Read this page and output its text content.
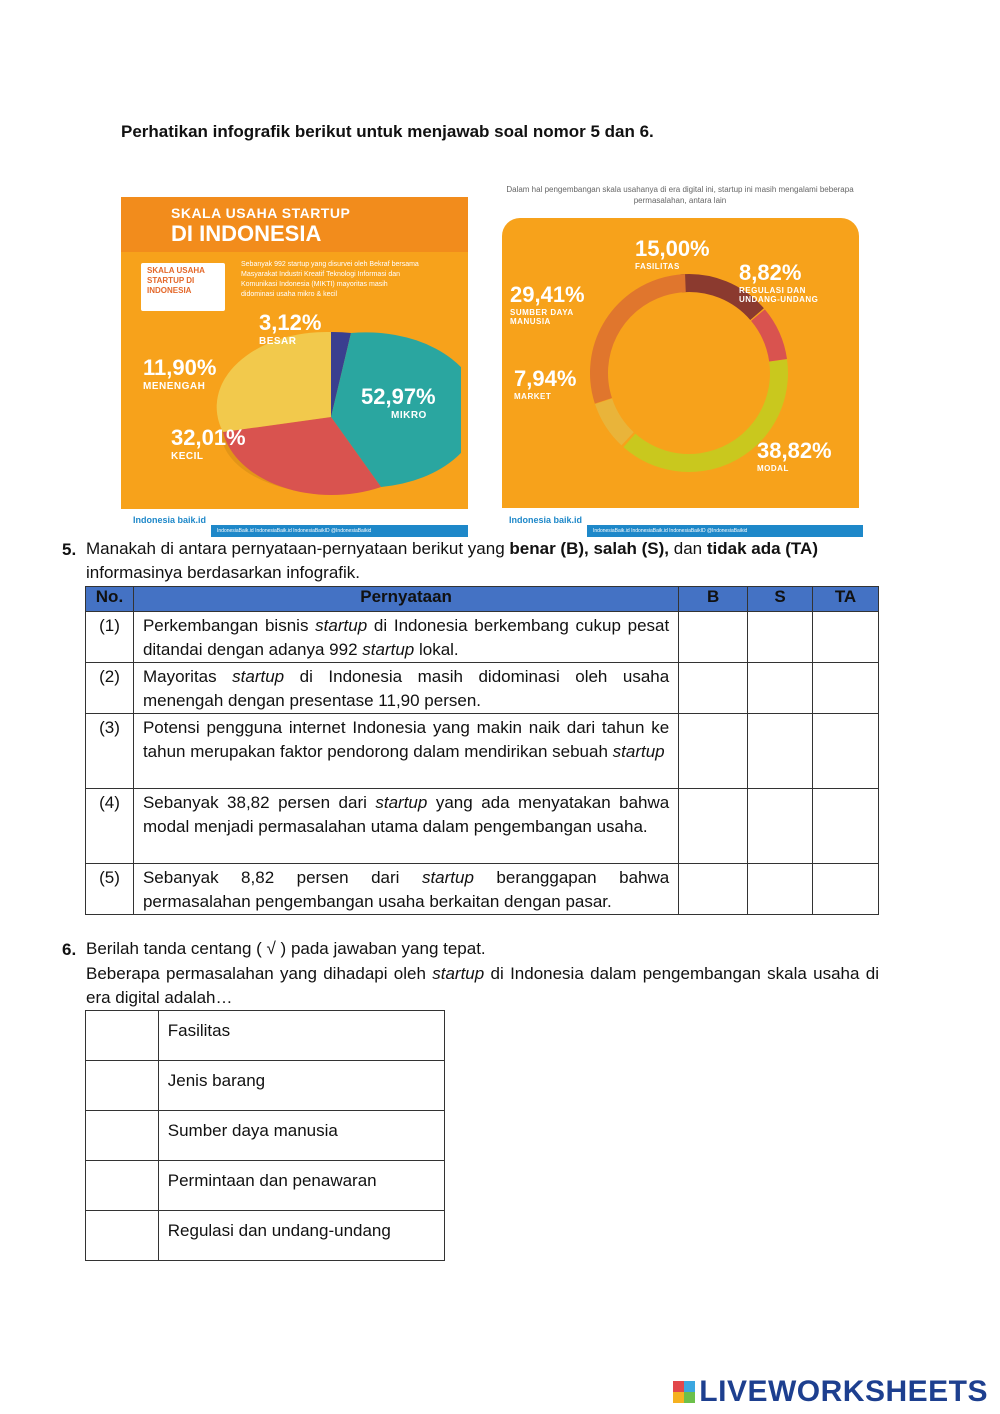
Perhatikan infografik berikut untuk menjawab soal nomor 5 dan 6.
SKALA USAHA STARTUP
DI INDONESIA
SKALA USAHA STARTUP DI INDONESIA
Sebanyak 992 startup yang disurvei oleh Bekraf bersama Masyarakat Industri Kreatif Teknologi Informasi dan Komunikasi Indonesia (MIKTI) mayoritas masih didominasi usaha mikro & kecil
3,12%
BESAR
52,97%
MIKRO
32,01%
KECIL
11,90%
MENENGAH
Indonesia baik.id
IndonesiaBaik.id IndonesiaBaik.id IndonesiaBaikID @IndonesiaBaikid
Dalam hal pengembangan skala usahanya di era digital ini, startup ini masih mengalami beberapa permasalahan, antara lain
15,00%
FASILITAS	8,82%
REGULASI DAN UNDANG-UNDANG
38,82%
MODAL
7,94%
MARKET
29,41%
SUMBER DAYA MANUSIA
Indonesia baik.id
IndonesiaBaik.id IndonesiaBaik.id IndonesiaBaikID @IndonesiaBaikid
5. Manakah di antara pernyataan-pernyataan berikut yang benar (B), salah (S), dan tidak ada (TA)
informasinya berdasarkan infografik.
No.	Pernyataan	B	S	TA
(1)	Perkembangan bisnis startup di Indonesia berkembang cukup pesat ditandai dengan adanya 992 startup lokal.			
(2)	Mayoritas startup di Indonesia masih didominasi oleh usaha menengah dengan presentase 11,90 persen.			
(3)	Potensi pengguna internet Indonesia yang makin naik dari tahun ke tahun merupakan faktor pendorong dalam mendirikan sebuah startup			
(4)	Sebanyak 38,82 persen dari startup yang ada menyatakan bahwa modal menjadi permasalahan utama dalam pengembangan usaha.			
(5)	Sebanyak 8,82 persen dari startup beranggapan bahwa permasalahan pengembangan usaha berkaitan dengan pasar.			
6. Berilah tanda centang ( √ ) pada jawaban yang tepat.
Beberapa permasalahan yang dihadapi oleh startup di Indonesia dalam pengembangan skala usaha di era digital adalah…
	Fasilitas
	Jenis barang
	Sumber daya manusia
	Permintaan dan penawaran
	Regulasi dan undang-undang
LIVEWORKSHEETS
